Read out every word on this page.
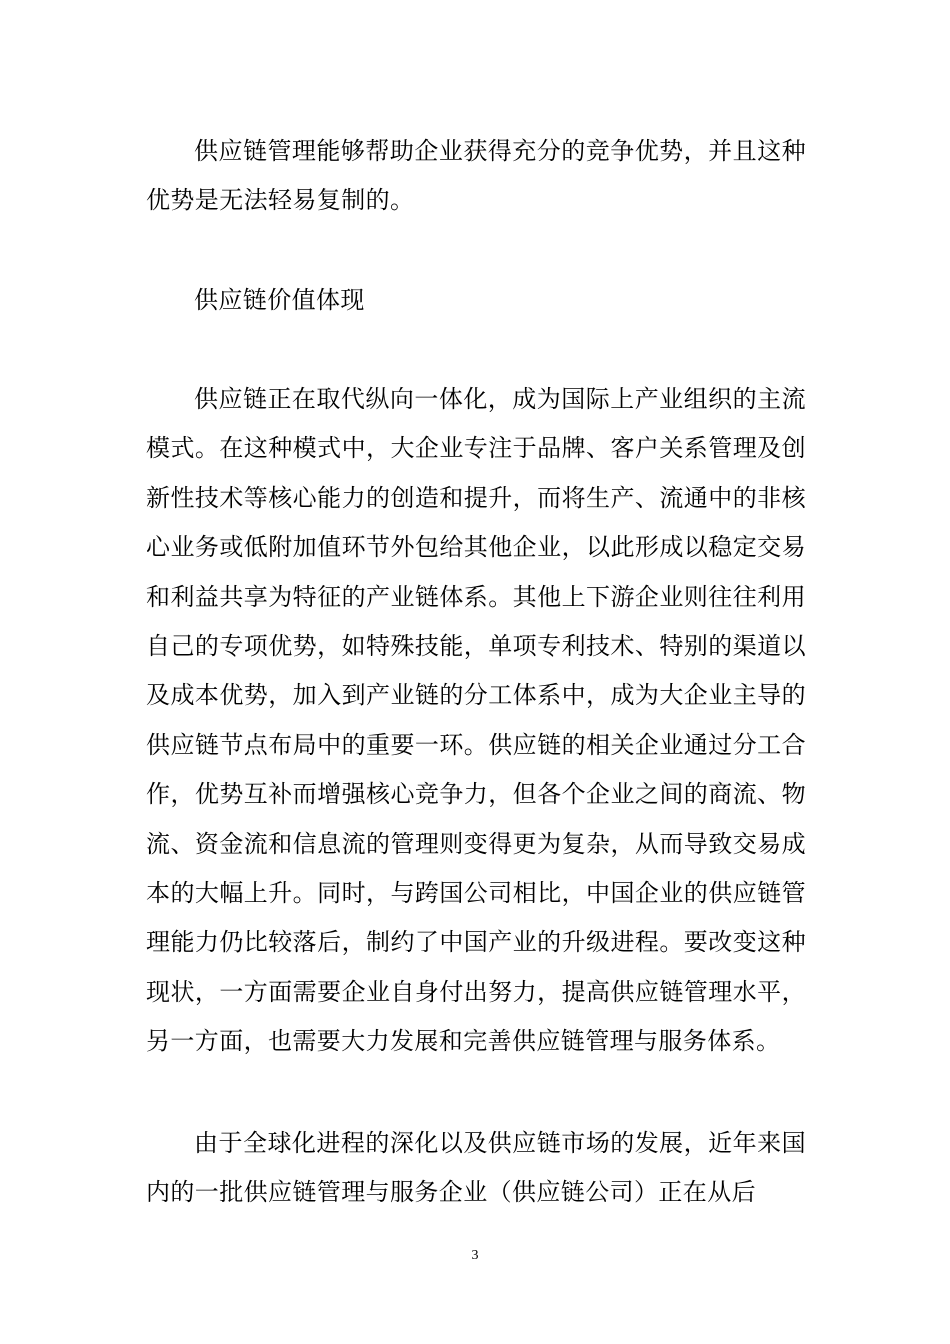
供应链管理能够帮助企业获得充分的竞争优势，并且这种优势是无法轻易复制的。

供应链价值体现

供应链正在取代纵向一体化，成为国际上产业组织的主流模式。在这种模式中，大企业专注于品牌、客户关系管理及创新性技术等核心能力的创造和提升，而将生产、流通中的非核心业务或低附加值环节外包给其他企业，以此形成以稳定交易和利益共享为特征的产业链体系。其他上下游企业则往往利用自己的专项优势，如特殊技能，单项专利技术、特别的渠道以及成本优势，加入到产业链的分工体系中，成为大企业主导的供应链节点布局中的重要一环。供应链的相关企业通过分工合作，优势互补而增强核心竞争力，但各个企业之间的商流、物流、资金流和信息流的管理则变得更为复杂，从而导致交易成本的大幅上升。同时，与跨国公司相比，中国企业的供应链管理能力仍比较落后，制约了中国产业的升级进程。要改变这种现状，一方面需要企业自身付出努力，提高供应链管理水平，另一方面，也需要大力发展和完善供应链管理与服务体系。

由于全球化进程的深化以及供应链市场的发展，近年来国内的一批供应链管理与服务企业（供应链公司）正在从后

3
